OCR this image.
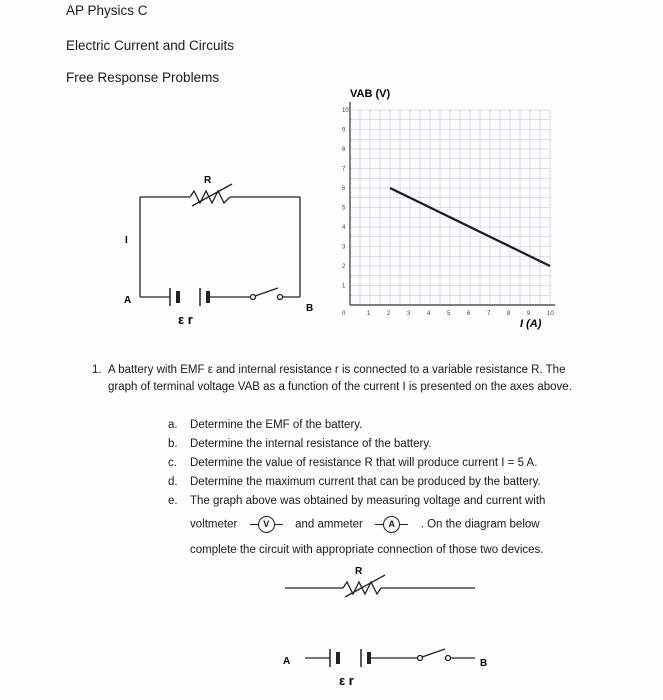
AP Physics C
Electric Current and Circuits
Free Response Problems
R
I
A
B
ε r	0	1	2	3	4	5	6	7	8	9	10
1
2
3
4
5
6
7
8
9
10
VAB (V)
I (A)
1. A battery with EMF ε and internal resistance r is connected to a variable resistance R. The graph of terminal voltage VAB as a function of the current I is presented on the axes above.
a.	Determine the EMF of the battery.
b.	Determine the internal resistance of the battery.
c.	Determine the value of resistance R that will produce current I = 5 A.
d.	Determine the maximum current that can be produced by the battery.
e.	The graph above was obtained by measuring voltage and current with
voltmeter	V and ammeter	A . On the diagram below
complete the circuit with appropriate connection of those two devices.
R
A	B
ε r
